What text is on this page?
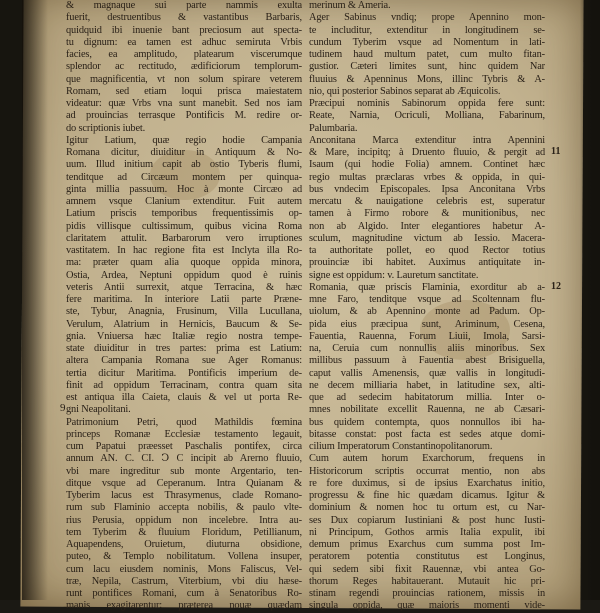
& magnaque sui parte nammis exulta
fuerit, destruentibus & vastantibus Barbaris,
quidquid ibi inuenie bant preciosum aut specta-
tu dignum: ea tamen est adhuc semiruta Vrbis
facies, ea amplitudo, platearum viscerumque
splendor ac rectitudo, ædificiorum templorum-
que magnificentia, vt non solum spirare veterem
Romam, sed etiam loqui prisca maiestatem
videatur: quæ Vrbs vna sunt manebit. Sed nos iam
ad prouincias terrasque Pontificis M. redire or-
do scriptionis iubet.
Igitur Latium, quæ regio hodie Campania
Romana dicitur, diuiditur in Antiquum & No-
uum. Illud initium capit ab ostio Tyberis flumi,
tenditque ad Circæum montem per quinqua-
ginta millia passuum. Hoc à monte Circæo ad
amnem vsque Clanium extenditur. Fuit autem
Latium priscis temporibus frequentissimis op-
pidis villisque cultissimum, quibus vicina Roma
claritatem attulit. Barbarorum vero irruptiones
vastitatem. In hac regione fita est Inclyta illa Ro-
ma: præter quam alia quoque oppida minora,
Ostia, Ardea, Neptuni oppidum quod è ruinis
veteris Antii surrexit, atque Terracina, & hæc
fere maritima. In interiore Latii parte Præne-
ste, Tybur, Anagnia, Frusinum, Villa Lucullana,
Verulum, Alatrium in Hernicis, Baucum & Se-
gnia. Vniuersa hæc Italiæ regio nostra tempe-
state diuiditur in tres partes: prima est Latium:
altera Campania Romana sue Ager Romanus:
tertia dicitur Maritima. Pontificis imperium de-
finit ad oppidum Terracinam, contra quam sita
est antiqua illa Caieta, clauis & vel ut porta Re-
gni Neapolitani.
Patrimonium Petri, quod Mathildis fœmina
princeps Romanæ Ecclesiæ testamento legauit,
cum Papatui præesset Paschalis pontifex, circa
annum AN. C. CI. Ↄ C incipit ab Arerno fluuio,
vbi mare ingreditur sub monte Argentario, ten-
ditque vsque ad Ceperanum. Intra Quianam &
Tyberim lacus est Thrasymenus, clade Romano-
rum sub Flaminio accepta nobilis, & paulo vlte-
rius Perusia, oppidum non incelebre. Intra au-
tem Tyberim & fluuium Floridum, Petillianum,
Aquapendens, Oruietum, diuturna obsidione,
puteo, & Templo nobilitatum. Vollena insuper,
cum lacu eiusdem nominis, Mons Faliscus, Vel-
træ, Nepila, Castrum, Viterbium, vbi diu hæse-
runt pontifices Romani, cum à Senatoribus Ro-
manis exagitarentur: præterea nouæ quædam
merinum & Ameria.
Ager Sabinus vndiq; prope Apennino mon-
te includitur, extenditur in longitudinem se-
cundum Tyberim vsque ad Nomentum in lati-
tudinem haud multum patet, cum multo fitan-
gustior. Cæteri limites sunt, hinc quidem Nar
fluuius & Apenninus Mons, illinc Tybris & A-
nio, qui posterior Sabinos separat ab Æquicolis.
Præcipui nominis Sabinorum oppida fere sunt:
Reate, Narnia, Ocriculi, Molliana, Fabarinum,
Palumbaria.
Anconitana Marca extenditur intra Apennini
& Mare, incipitq; à Druento fluuio, & pergit ad
Isaum (qui hodie Folia) amnem. Continet hæc
regio multas præclaras vrbes & oppida, in qui-
bus vndecim Episcopales. Ipsa Anconitana Vrbs
mercatu & nauigatione celebris est, superatur
tamen à Firmo robore & munitionibus, nec
non ab Algido. Inter elegantiores habetur A-
sculum, magnitudine victum ab Iessio. Macera-
ta authoritate pollet, eo quod Rector totius
prouinciæ ibi habitet. Auximus antiquitate in-
signe est oppidum: v. Lauretum sanctitate.
Romania, quæ priscis Flaminia, exorditur ab a-
mne Faro, tenditque vsque ad Scoltennam flu-
uiolum, & ab Apennino monte ad Padum. Op-
pida eius præcipua sunt, Ariminum, Cesena,
Fauentia, Rauenna, Forum Liuii, Imola, Sarsi-
na, Ceruia cum nonnullis aliis minoribus. Sex
millibus passuum à Fauentia abest Brisiguella,
caput vallis Amenensis, quæ vallis in longitudi-
ne decem milliaria habet, in latitudine sex, alti-
que ad sedecim habitatorum millia. Inter o-
mnes nobilitate excellit Rauenna, ne ab Cæsari-
bus quidem contempta, quos nonnullos ibi ha-
bitasse constat: post facta est sedes atque domi-
cilium Imperatorum Constantinopolitanorum.
Cum autem horum Exarchorum, frequens in
Historicorum scriptis occurrat mentio, non abs
re fore duximus, si de ipsius Exarchatus initio,
progressu & fine hic quædam dicamus. Igitur &
dominium & nomen hoc tu ortum est, cu Nar-
ses Dux copiarum Iustiniani & post hunc Iusti-
ni Principum, Gothos armis Italia expulit, ibi
demum primus Exarchus cum summa post Im-
peratorem potentia constitutus est Longinus,
qui sedem sibi fixit Rauennæ, vbi antea Go-
thorum Reges habitauerant. Mutauit hic pri-
stinam regendi prouincias rationem, missis in
singula oppida, quæ maioris momenti vide-
11
12
9
